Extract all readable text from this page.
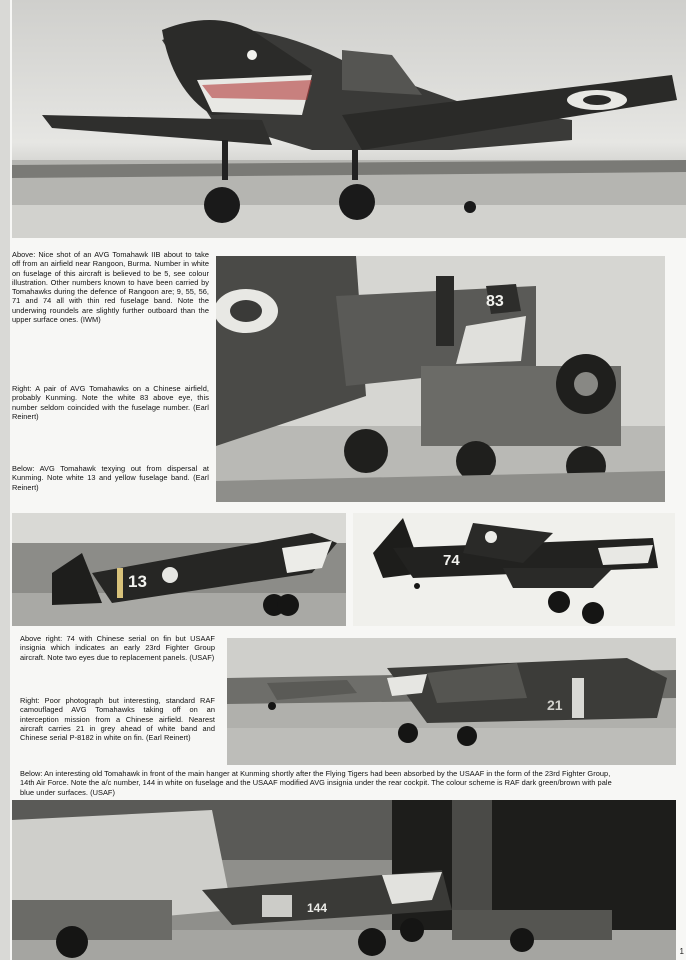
83
13
74
21
144
Above: Nice shot of an AVG Tomahawk IIB about to take off from an airfield near Rangoon, Burma. Number in white on fuselage of this aircraft is believed to be 5, see colour illustration. Other numbers known to have been carried by Tomahawks during the defence of Rangoon are; 9, 55, 56, 71 and 74 all with thin red fuselage band. Note the underwing roundels are slightly further outboard than the upper surface ones. (IWM)
Right: A pair of AVG Tomahawks on a Chinese airfield, probably Kunming. Note the white 83 above eye, this number seldom coincided with the fuselage number. (Earl Reinert)
Below: AVG Tomahawk texying out from dispersal at Kunming. Note white 13 and yellow fuselage band. (Earl Reinert)
Above right: 74 with Chinese serial on fin but USAAF insignia which indicates an early 23rd Fighter Group aircraft. Note two eyes due to replacement panels. (USAF)
Right: Poor photograph but interesting, standard RAF camouflaged AVG Tomahawks taking off on an interception mission from a Chinese airfield. Nearest aircraft carries 21 in grey ahead of white band and Chinese serial P-8182 in white on fin. (Earl Reinert)
Below: An interesting old Tomahawk in front of the main hanger at Kunming shortly after the Flying Tigers had been absorbed by the USAAF in the form of the 23rd Fighter Group, 14th Air Force. Note the a/c number, 144 in white on fuselage and the USAAF modified AVG insignia under the rear cockpit. The colour scheme is RAF dark green/brown with pale blue under surfaces. (USAF)
1
